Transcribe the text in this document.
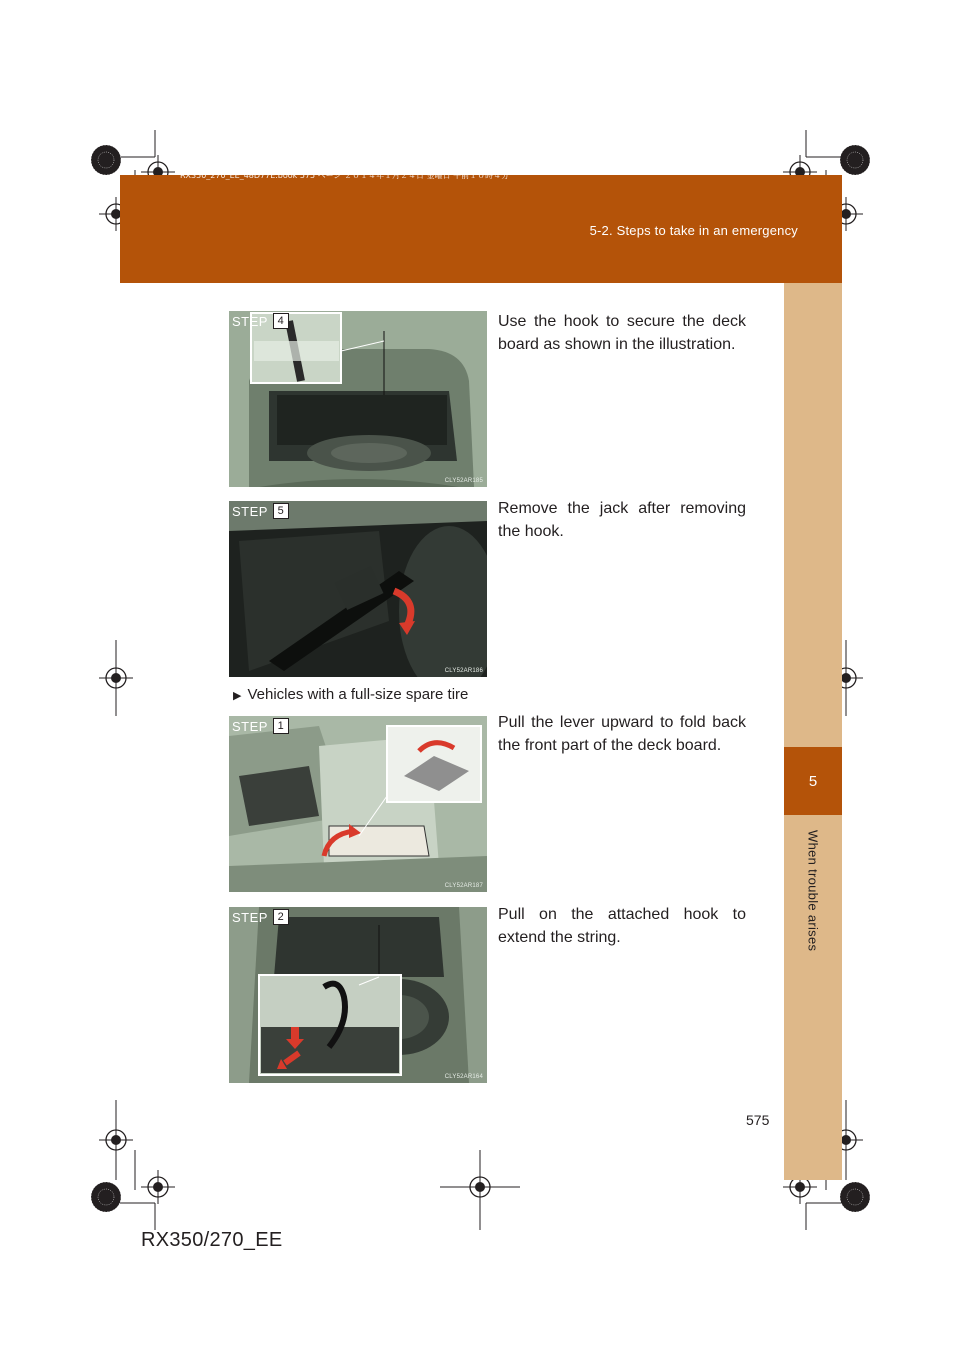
5-2. Steps to take in an emergency
RX350_270_EE_48D77E.book 575 ページ ２０１４年１月２４日 金曜日 午前１０時４分
5
When trouble arises
CLY52AR185
STEP 4	Use the hook to secure the deck board as shown in the illustration.
CLY52AR186
STEP 5	Remove the jack after removing the hook.
▶ Vehicles with a full-size spare tire
CLY52AR187
STEP 1	Pull the lever upward to fold back the front part of the deck board.
CLY52AR164
STEP 2	Pull on the attached hook to extend the string.
575
RX350/270_EE
